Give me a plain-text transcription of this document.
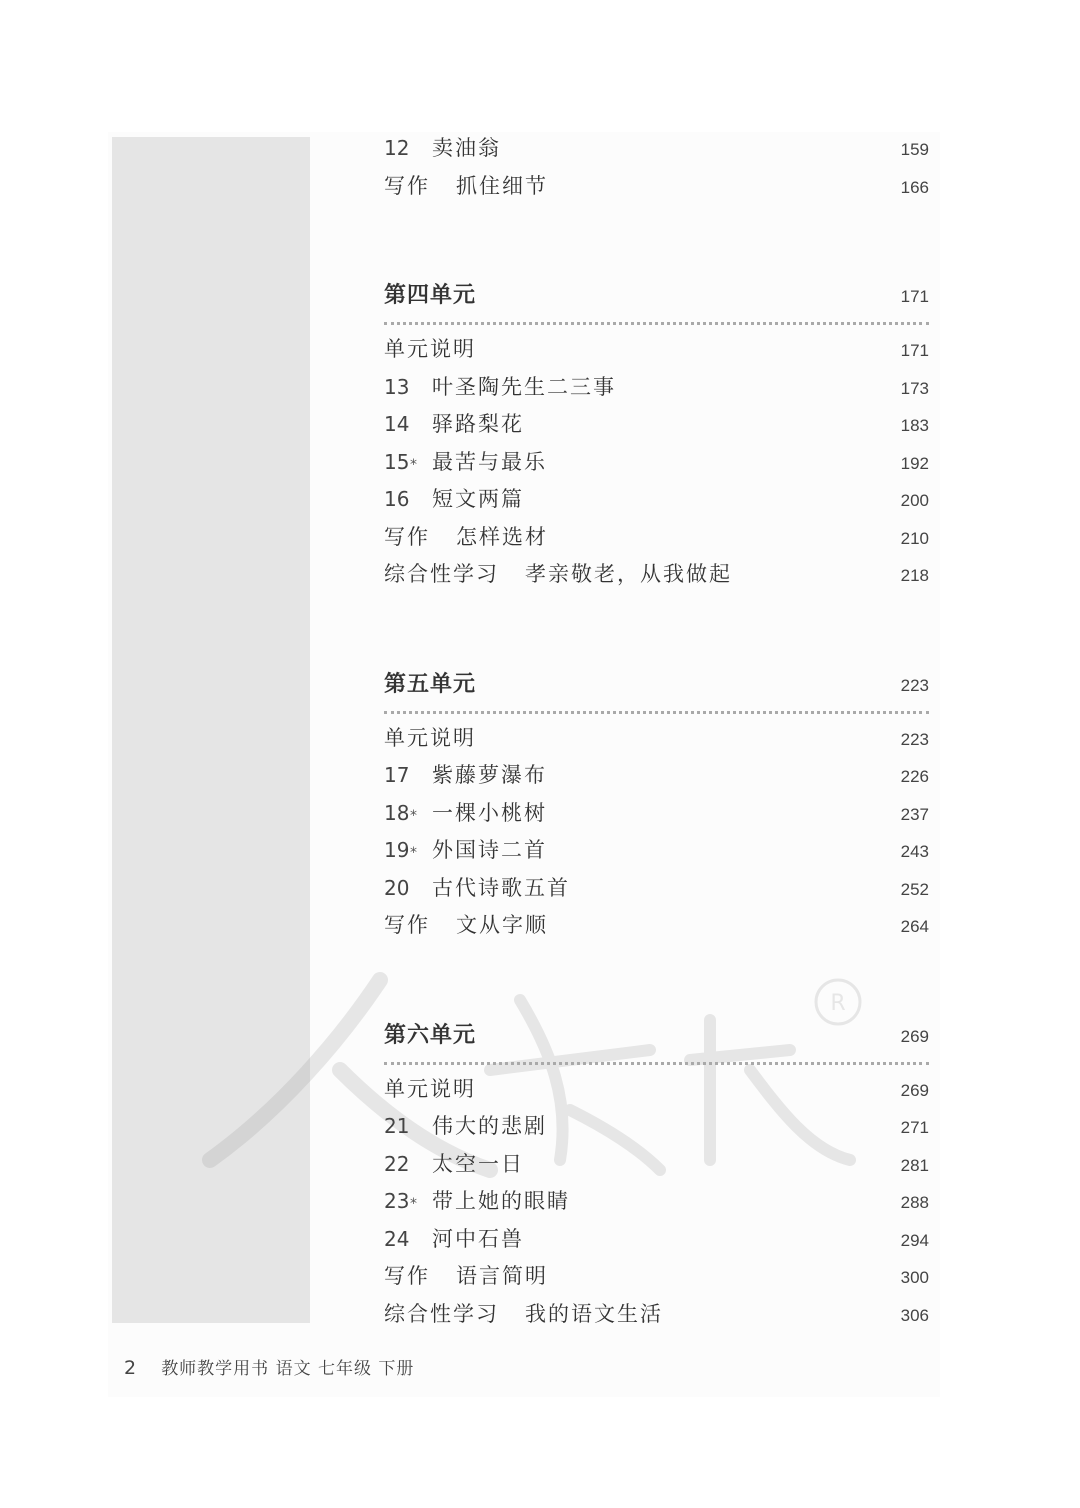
R
12	卖油翁	159
写作 抓住细节	166
第四单元	171
单元说明	171
13	叶圣陶先生二三事	173
14	驿路梨花	183
15 * 最苦与最乐	192
16	短文两篇	200
写作 怎样选材	210
综合性学习 孝亲敬老，从我做起	218
第五单元	223
单元说明	223
17	紫藤萝瀑布	226
18 * 一棵小桃树	237
19 * 外国诗二首	243
20	古代诗歌五首	252
写作 文从字顺	264
第六单元	269
单元说明	269
21	伟大的悲剧	271
22	太空一日	281
23 * 带上她的眼睛	288
24	河中石兽	294
写作 语言简明	300
综合性学习 我的语文生活	306
2 教师教学用书 语文 七年级 下册
